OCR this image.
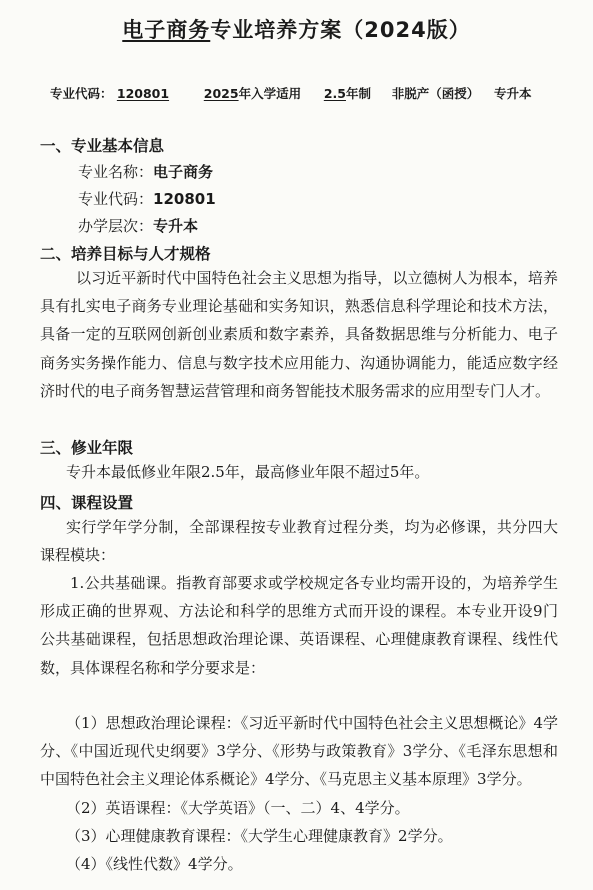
电子商务专业培养方案（2024版）
专业代码： 120801	2025年入学适用 2.5年制 非脱产（函授） 专升本
一、专业基本信息
专业名称：电子商务
专业代码：120801
办学层次：专升本
二、培养目标与人才规格
以习近平新时代中国特色社会主义思想为指导，以立德树人为根本，培养具有扎实电子商务专业理论基础和实务知识，熟悉信息科学理论和技术方法，具备一定的互联网创新创业素质和数字素养，具备数据思维与分析能力、电子商务实务操作能力、信息与数字技术应用能力、沟通协调能力，能适应数字经济时代的电子商务智慧运营管理和商务智能技术服务需求的应用型专门人才。
三、修业年限
专升本最低修业年限2.5年，最高修业年限不超过5年。
四、课程设置
实行学年学分制，全部课程按专业教育过程分类，均为必修课，共分四大课程模块：
1.公共基础课。指教育部要求或学校规定各专业均需开设的，为培养学生形成正确的世界观、方法论和科学的思维方式而开设的课程。本专业开设9门公共基础课程，包括思想政治理论课、英语课程、心理健康教育课程、线性代数，具体课程名称和学分要求是：
（1）思想政治理论课程：《习近平新时代中国特色社会主义思想概论》4学分、《中国近现代史纲要》3学分、《形势与政策教育》3学分、《毛泽东思想和中国特色社会主义理论体系概论》4学分、《马克思主义基本原理》3学分。
（2）英语课程：《大学英语》（一、二）4、4学分。
（3）心理健康教育课程：《大学生心理健康教育》2学分。
（4）《线性代数》4学分。
